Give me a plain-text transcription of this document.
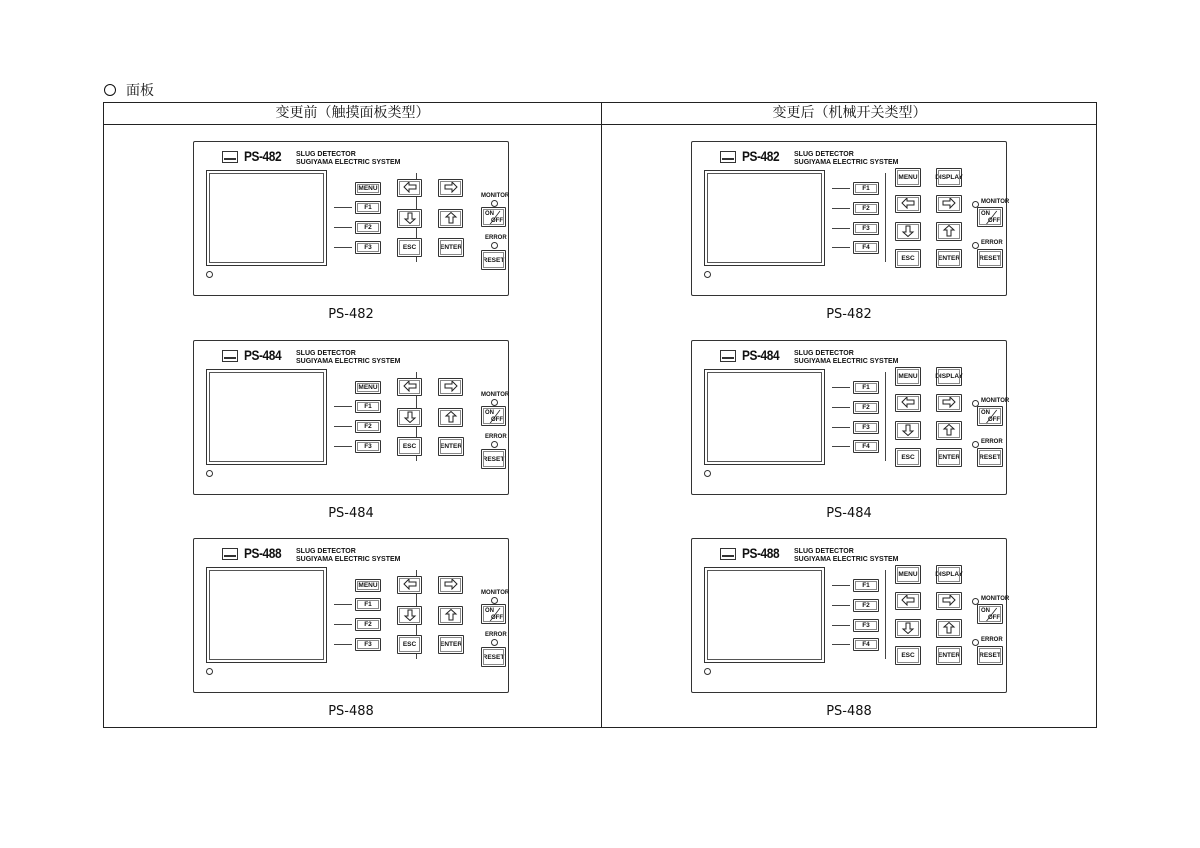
面板
变更前（触摸面板类型）	变更后（机械开关类型）
PS-482 SLUG DETECTOR
SUGIYAMA ELECTRIC SYSTEM
MENU
F1
F2
F3	ESC	ENTER
MONITOR
ON
OFF
ERROR
RESET
PS-482
PS-482 SLUG DETECTOR
SUGIYAMA ELECTRIC SYSTEM
F1
F2
F3
F4
MENU	DISPLAY
ESC	ENTER
MONITOR
ON
OFF
ERROR
RESET
PS-482
PS-484 SLUG DETECTOR
SUGIYAMA ELECTRIC SYSTEM
MENU
F1
F2
F3	ESC	ENTER
MONITOR
ON
OFF
ERROR
RESET
PS-484
PS-484 SLUG DETECTOR
SUGIYAMA ELECTRIC SYSTEM
F1
F2
F3
F4
MENU	DISPLAY
ESC	ENTER
MONITOR
ON
OFF
ERROR
RESET
PS-484
PS-488 SLUG DETECTOR
SUGIYAMA ELECTRIC SYSTEM
MENU
F1
F2
F3	ESC	ENTER
MONITOR
ON
OFF
ERROR
RESET
PS-488
PS-488 SLUG DETECTOR
SUGIYAMA ELECTRIC SYSTEM
F1
F2
F3
F4
MENU	DISPLAY
ESC	ENTER
MONITOR
ON
OFF
ERROR
RESET
PS-488
